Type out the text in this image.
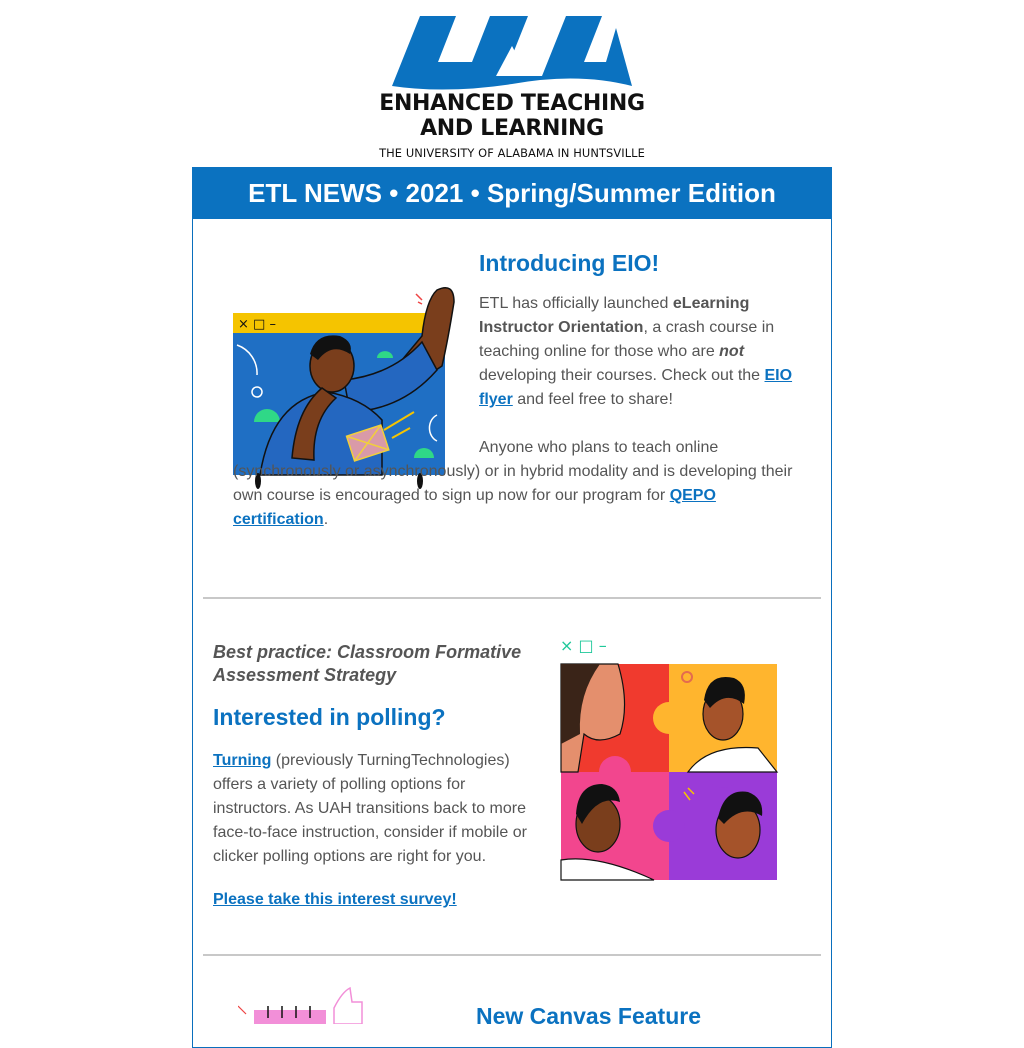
ENHANCED TEACHING
AND LEARNING
THE UNIVERSITY OF ALABAMA IN HUNTSVILLE
ETL NEWS • 2021 • Spring/Summer Edition
× □ –
Introducing EIO!
ETL has officially launched eLearning Instructor Orientation, a crash course in teaching online for those who are not developing their courses. Check out the EIO flyer and feel free to share!
Anyone who plans to teach online (synchronously or asynchronously) or in hybrid modality and is developing their own course is encouraged to sign up now for our program for QEPO certification.
Best practice: Classroom Formative Assessment Strategy
Interested in polling?
Turning (previously TurningTechnologies) offers a variety of polling options for instructors. As UAH transitions back to more face-to-face instruction, consider if mobile or clicker polling options are right for you.
Please take this interest survey!
× □ –
New Canvas Feature
